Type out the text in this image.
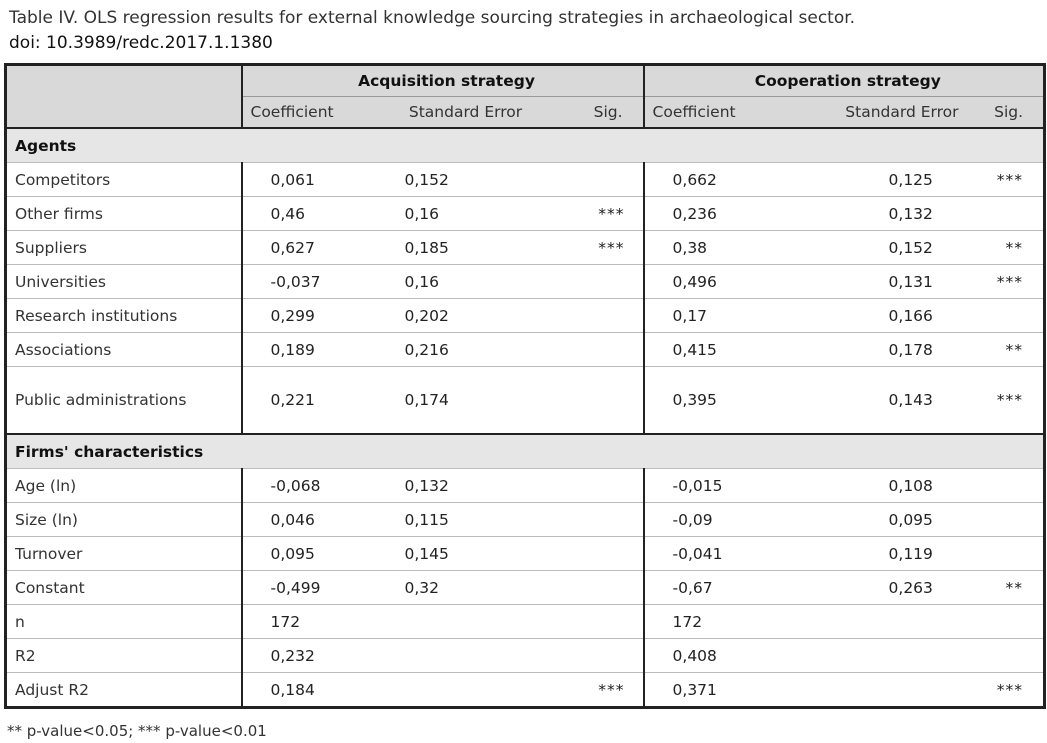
Table IV. OLS regression results for external knowledge sourcing strategies in archaeological sector.
doi: 10.3989/redc.2017.1.1380
	Acquisition strategy			Cooperation strategy		
	Coefficient	Standard Error	Sig.	Coefficient	Standard Error	Sig.
Agents						
Competitors	0,061	0,152		0,662	0,125	***
Other firms	0,46	0,16	***	0,236	0,132	
Suppliers	0,627	0,185	***	0,38	0,152	**
Universities	-0,037	0,16		0,496	0,131	***
Research institutions	0,299	0,202		0,17	0,166	
Associations	0,189	0,216		0,415	0,178	**
Public administrations	0,221	0,174		0,395	0,143	***
Firms' characteristics						
Age (ln)	-0,068	0,132		-0,015	0,108	
Size (ln)	0,046	0,115		-0,09	0,095	
Turnover	0,095	0,145		-0,041	0,119	
Constant	-0,499	0,32		-0,67	0,263	**
n	172			172		
R2	0,232			0,408		
Adjust R2	0,184		***	0,371		***
** p-value<0.05; *** p-value<0.01
